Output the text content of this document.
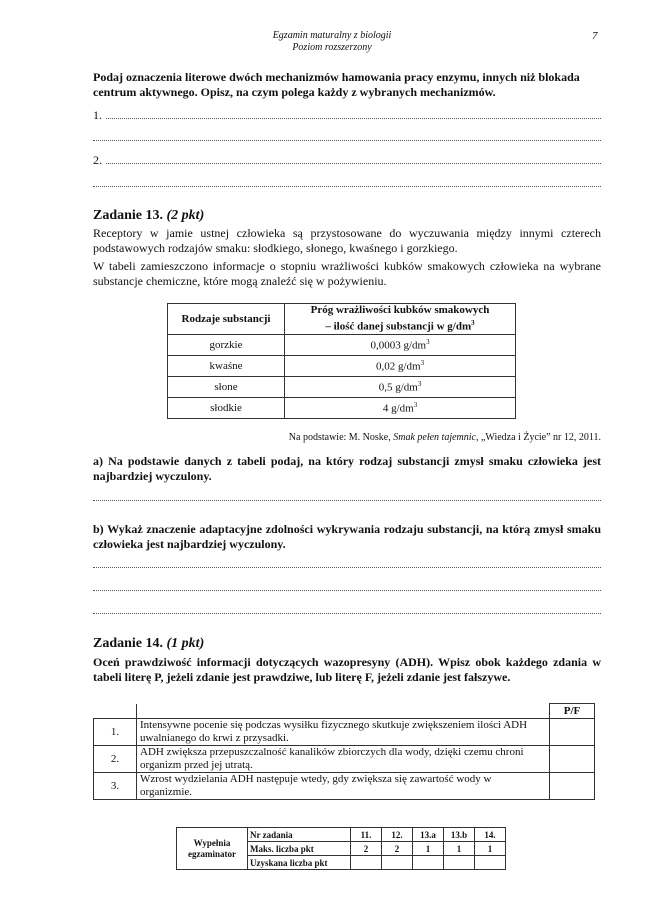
Egzamin maturalny z biologii
Poziom rozszerzony
7
Podaj oznaczenia literowe dwóch mechanizmów hamowania pracy enzymu, innych niż blokada centrum aktywnego. Opisz, na czym polega każdy z wybranych mechanizmów.
1.
2.
Zadanie 13. (2 pkt)
Receptory w jamie ustnej człowieka są przystosowane do wyczuwania między innymi czterech podstawowych rodzajów smaku: słodkiego, słonego, kwaśnego i gorzkiego.
W tabeli zamieszczono informacje o stopniu wrażliwości kubków smakowych człowieka na wybrane substancje chemiczne, które mogą znaleźć się w pożywieniu.
Rodzaje substancji	Próg wrażliwości kubków smakowych
– ilość danej substancji w $g/dm^3$

gorzkie	0,0003 $g/dm^3$
kwaśne	0,02 $g/dm^3$
słone	0,5 $g/dm^3$
słodkie	4 $g/dm^3$
Na podstawie: M. Noske, Smak pełen tajemnic, „Wiedza i Życie” nr 12, 2011.
a) Na podstawie danych z tabeli podaj, na który rodzaj substancji zmysł smaku człowieka jest najbardziej wyczulony.
b) Wykaż znaczenie adaptacyjne zdolności wykrywania rodzaju substancji, na którą zmysł smaku człowieka jest najbardziej wyczulony.
Zadanie 14. (1 pkt)
Oceń prawdziwość informacji dotyczących wazopresyny (ADH). Wpisz obok każdego zdania w tabeli literę P, jeżeli zdanie jest prawdziwe, lub literę F, jeżeli zdanie jest fałszywe.
		P/F
1.	Intensywne pocenie się podczas wysiłku fizycznego skutkuje zwiększeniem ilości ADH uwalnianego do krwi z przysadki.	
2.	ADH zwiększa przepuszczalność kanalików zbiorczych dla wody, dzięki czemu chroni organizm przed jej utratą.	
3.	Wzrost wydzielania ADH następuje wtedy, gdy zwiększa się zawartość wody w organizmie.	
Wypełnia egzaminator	Nr zadania	11.	12.	13.a	13.b	14.
	Maks. liczba pkt	2	2	1	1	1
	Uzyskana liczba pkt					
